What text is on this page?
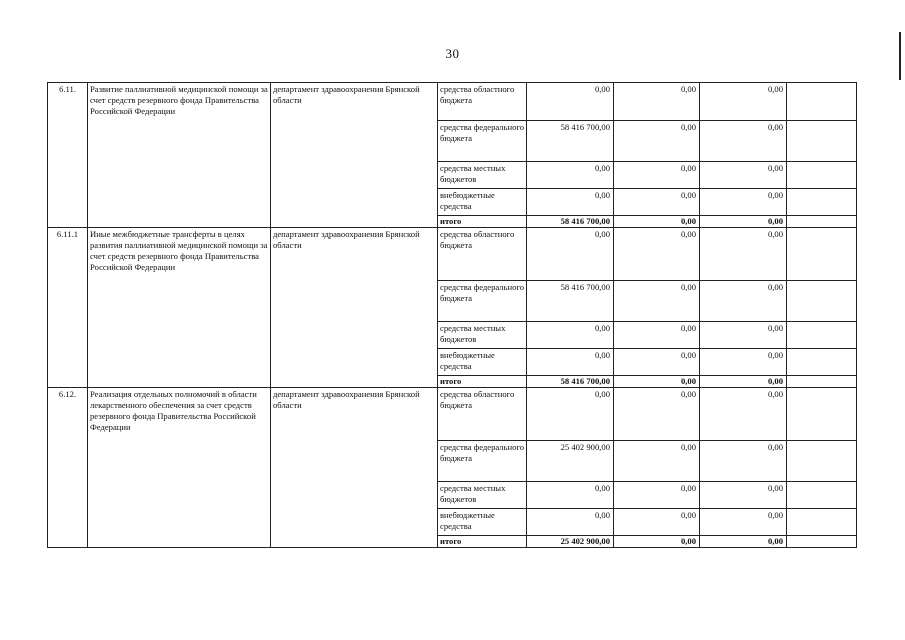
30
6.11.	Развитие паллиативной медицинской помощи за счет средств резервного фонда Правительства Российской Федерации	департамент здравоохранения Брянской области	средства областного бюджета	0,00	0,00	0,00	
			средства федерального бюджета	58 416 700,00	0,00	0,00	
			средства местных бюджетов	0,00	0,00	0,00	
			внебюджетные средства	0,00	0,00	0,00	
			итого	58 416 700,00	0,00	0,00	
6.11.1	Иные межбюджетные трансферты в целях развития паллиативной медицинской помощи за счет средств резервного фонда Правительства Российской Федерации	департамент здравоохранения Брянской области	средства областного бюджета	0,00	0,00	0,00	
			средства федерального бюджета	58 416 700,00	0,00	0,00	
			средства местных бюджетов	0,00	0,00	0,00	
			внебюджетные средства	0,00	0,00	0,00	
			итого	58 416 700,00	0,00	0,00	
6.12.	Реализация отдельных полномочий в области лекарственного обеспечения за счет средств резервного фонда Правительства Российской Федерации	департамент здравоохранения Брянской области	средства областного бюджета	0,00	0,00	0,00	
			средства федерального бюджета	25 402 900,00	0,00	0,00	
			средства местных бюджетов	0,00	0,00	0,00	
			внебюджетные средства	0,00	0,00	0,00	
			итого	25 402 900,00	0,00	0,00	
